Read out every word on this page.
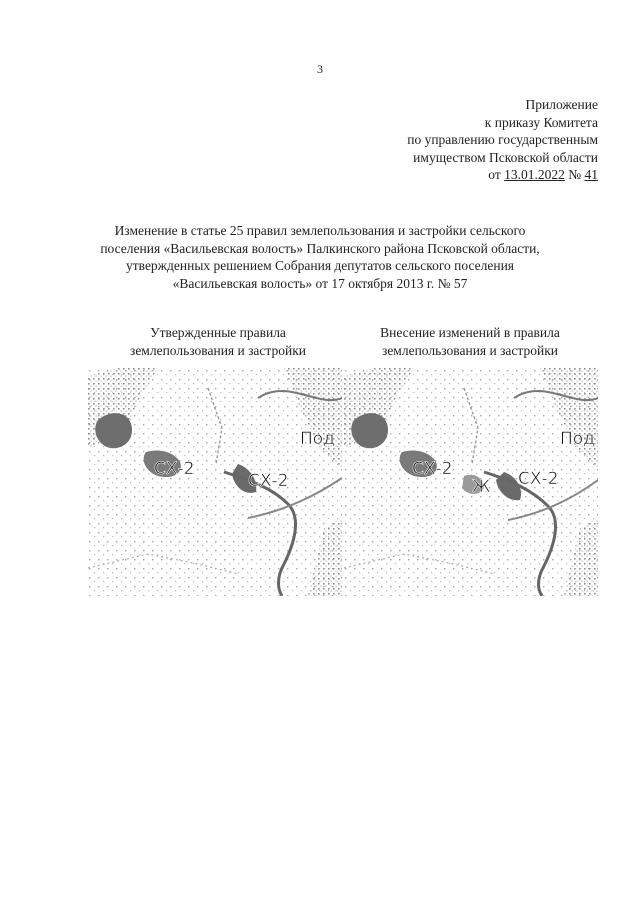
3
Приложение
к приказу Комитета
по управлению государственным
имуществом Псковской области
от 13.01.2022 № 41
Изменение в статье 25 правил землепользования и застройки сельского
поселения «Васильевская волость» Палкинского района Псковской области,
утвержденных решением Собрания депутатов сельского поселения
«Васильевская волость» от 17 октября 2013 г. № 57
Утвержденные правила
землепользования и застройки
Внесение изменений в правила
землепользования и застройки
СХ-2
СХ-2
Под
СХ-2
Ж СХ-2
Под
